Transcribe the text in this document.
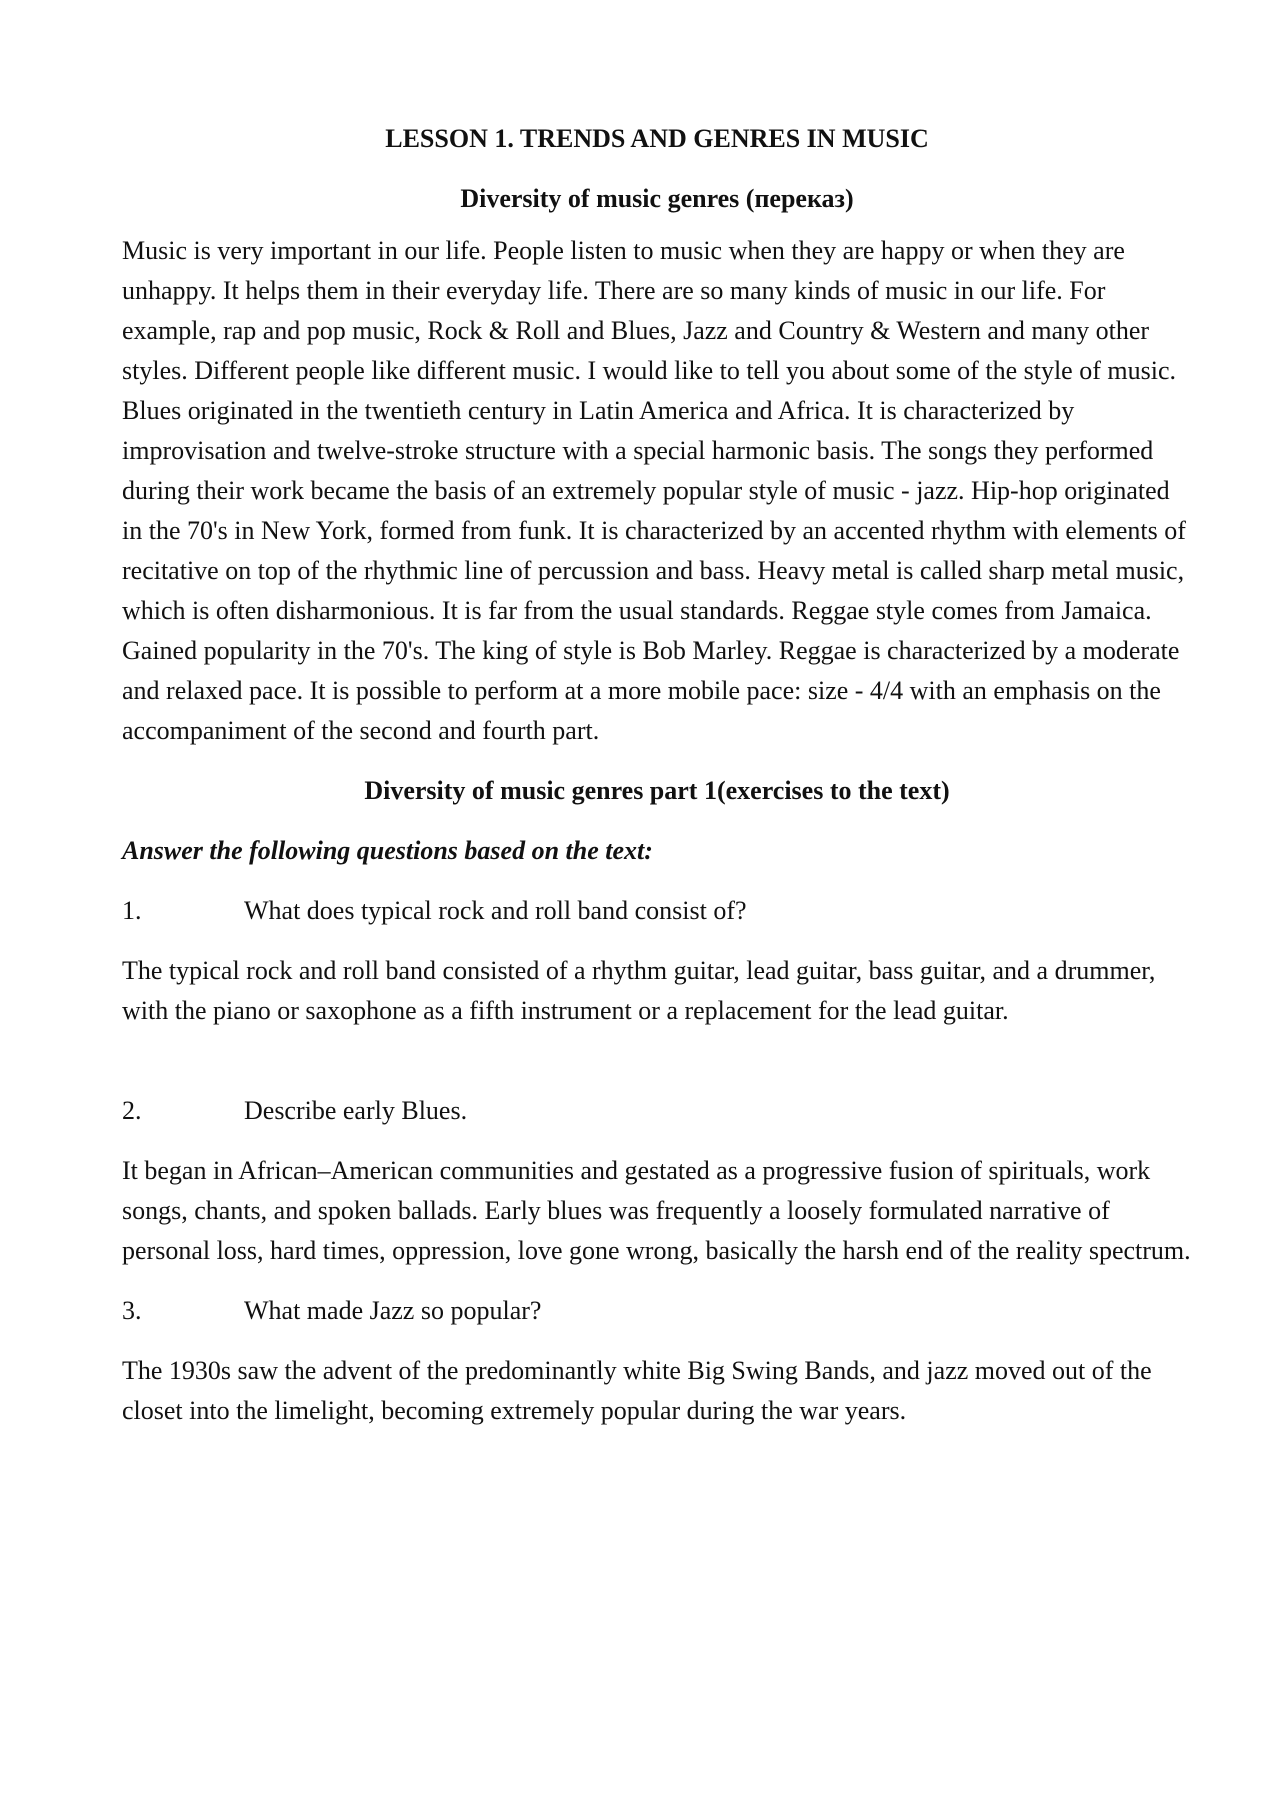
LESSON 1. TRENDS AND GENRES IN MUSIC
Diversity of music genres (переказ)

Music is very important in our life. People listen to music when they are happy or when they are unhappy. It helps them in their everyday life. There are so many kinds of music in our life. For example, rap and pop music, Rock & Roll and Blues, Jazz and Country & Western and many other styles. Different people like different music. I would like to tell you about some of the style of music. Blues originated in the twentieth century in Latin America and Africa. It is characterized by improvisation and twelve-stroke structure with a special harmonic basis. The songs they performed during their work became the basis of an extremely popular style of music - jazz. Hip-hop originated in the 70's in New York, formed from funk. It is characterized by an accented rhythm with elements of recitative on top of the rhythmic line of percussion and bass. Heavy metal is called sharp metal music, which is often disharmonious. It is far from the usual standards. Reggae style comes from Jamaica. Gained popularity in the 70's. The king of style is Bob Marley. Reggae is characterized by a moderate and relaxed pace. It is possible to perform at a more mobile pace: size - 4/4 with an emphasis on the accompaniment of the second and fourth part.

Diversity of music genres part 1(exercises to the text)

Answer the following questions based on the text:

1.	What does typical rock and roll band consist of?

The typical rock and roll band consisted of a rhythm guitar, lead guitar, bass guitar, and a drummer, with the piano or saxophone as a fifth instrument or a replacement for the lead guitar.

2.	Describe early Blues.

It began in African–American communities and gestated as a progressive fusion of spirituals, work songs, chants, and spoken ballads. Early blues was frequently a loosely formulated narrative of personal loss, hard times, oppression, love gone wrong, basically the harsh end of the reality spectrum.

3.	What made Jazz so popular?

The 1930s saw the advent of the predominantly white Big Swing Bands, and jazz moved out of the closet into the limelight, becoming extremely popular during the war years.
